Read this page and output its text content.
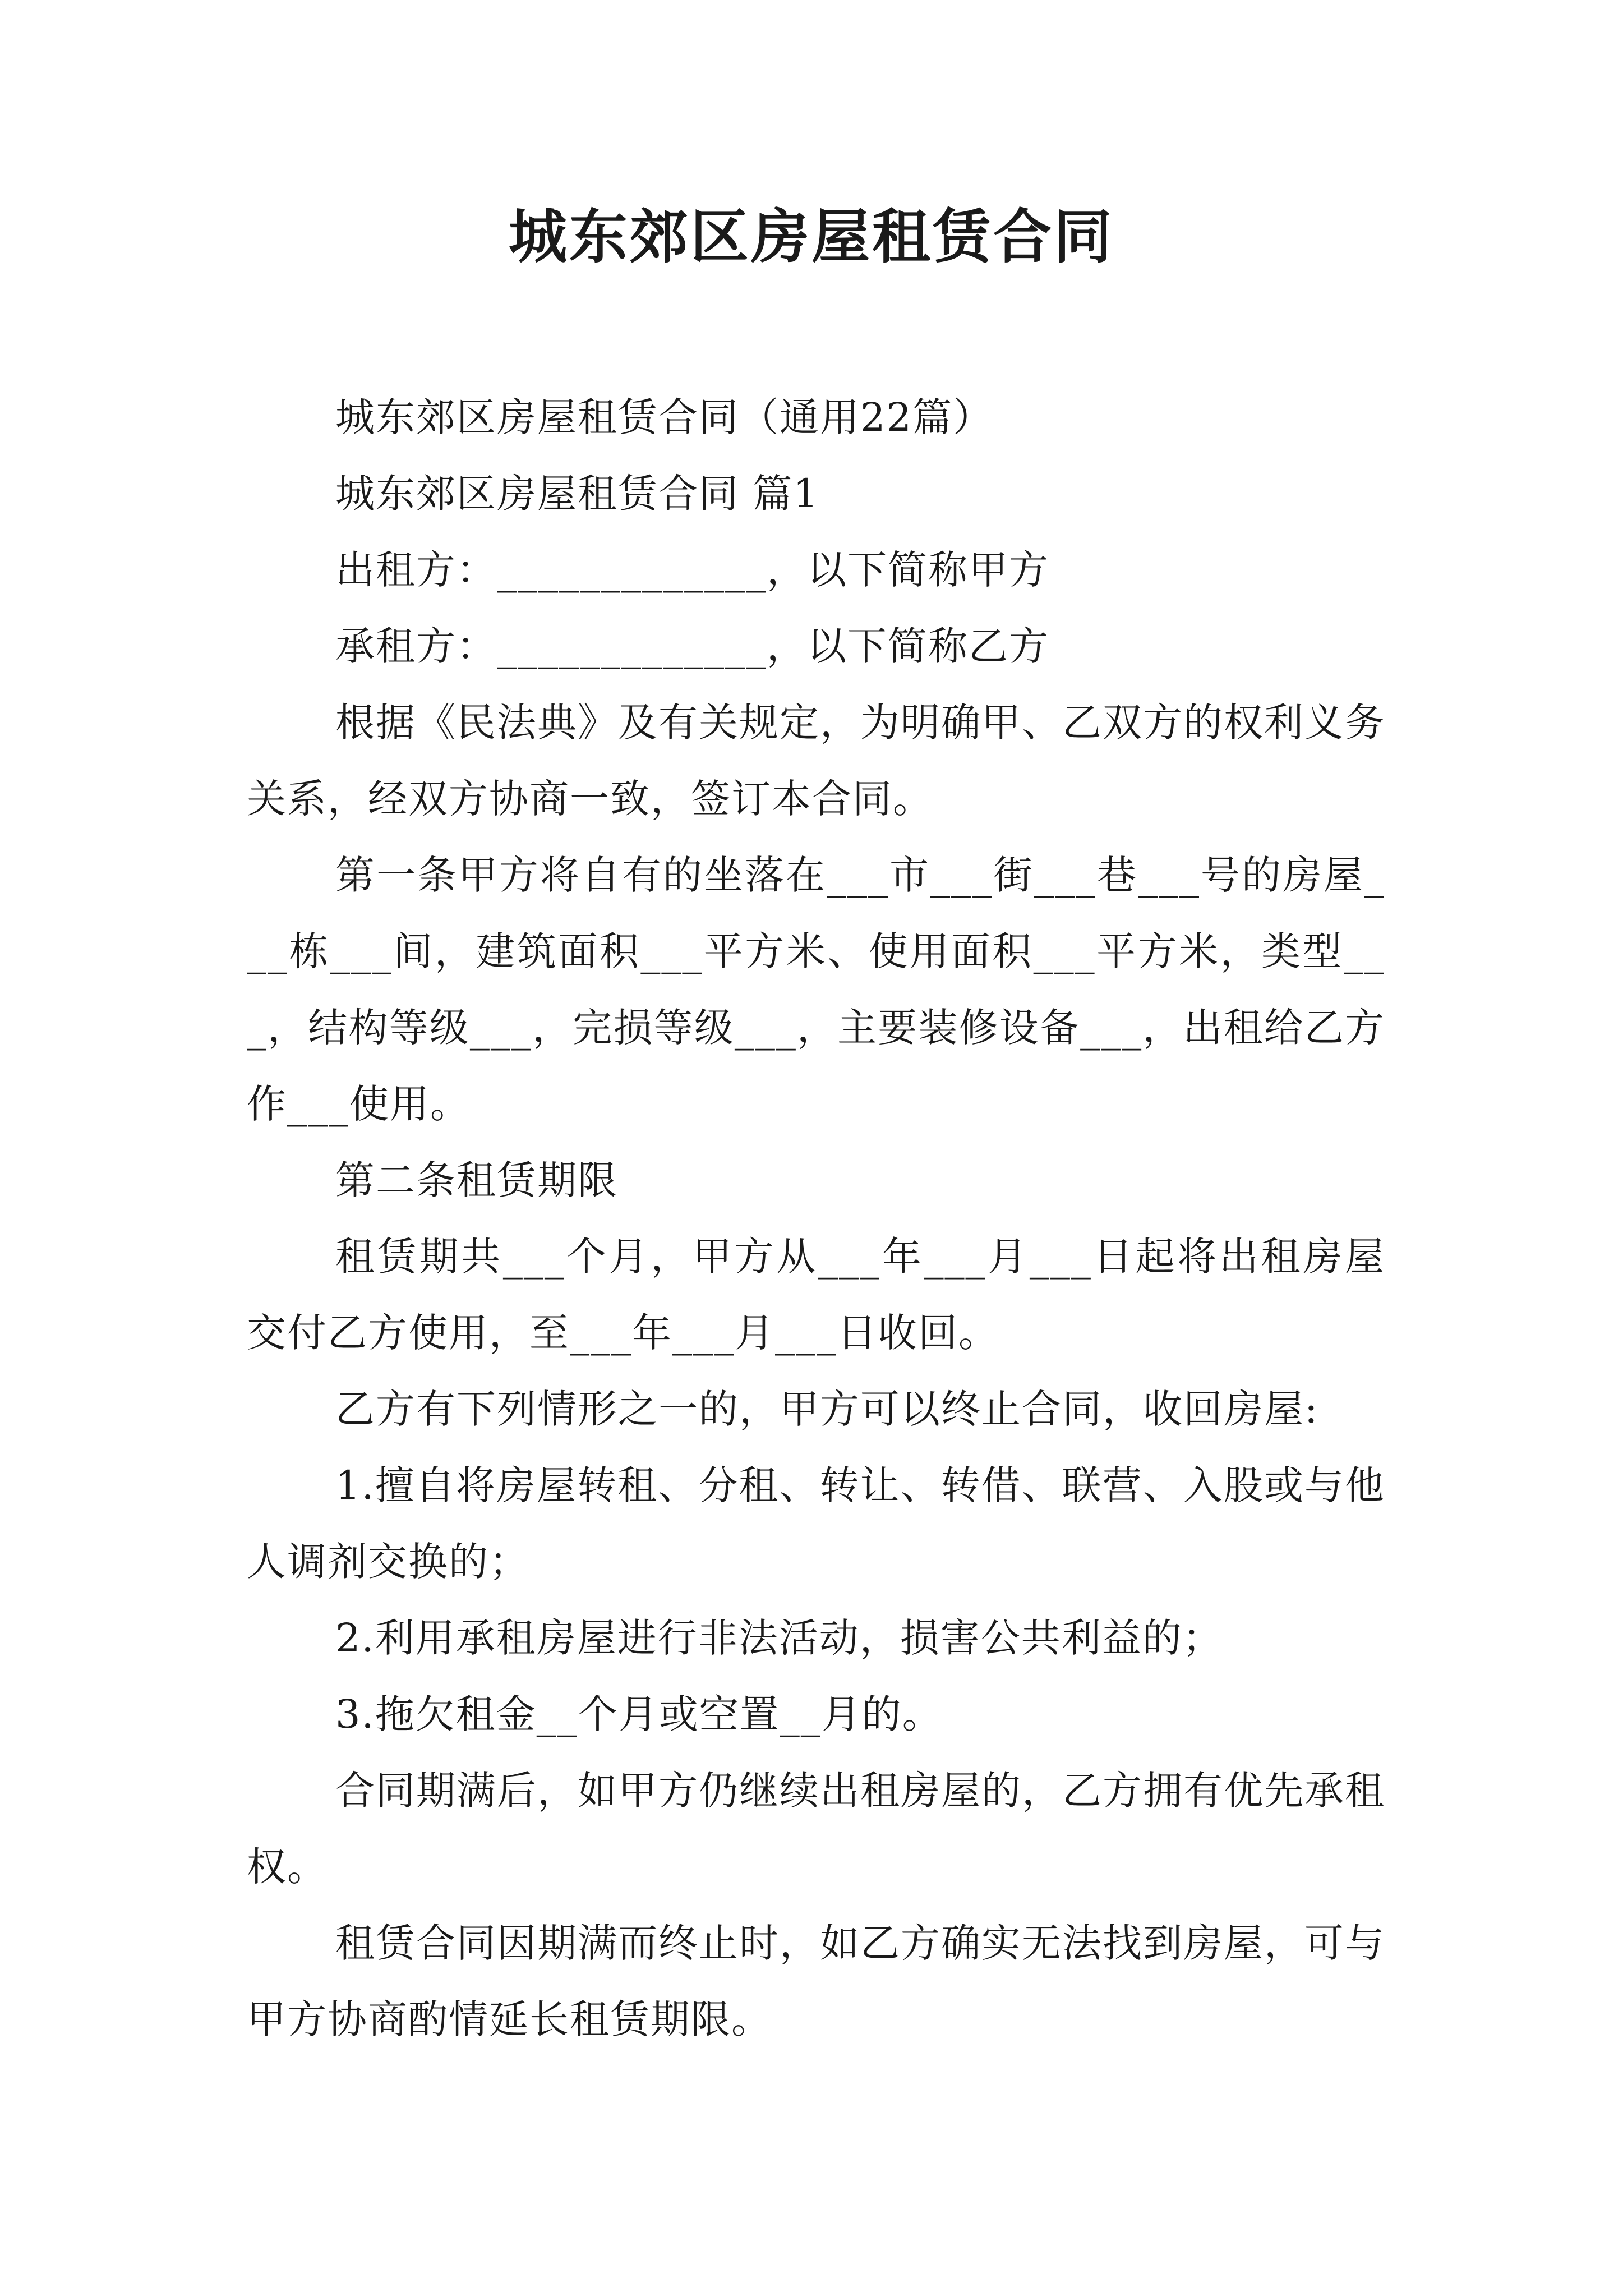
城东郊区房屋租赁合同

城东郊区房屋租赁合同（通用22篇）

城东郊区房屋租赁合同 篇1

出租方：_____________，以下简称甲方

承租方：_____________，以下简称乙方

根据《民法典》及有关规定，为明确甲、乙双方的权利义务关系，经双方协商一致，签订本合同。

第一条甲方将自有的坐落在___市___街___巷___号的房屋___栋___间，建筑面积___平方米、使用面积___平方米，类型___，结构等级___，完损等级___，主要装修设备___，出租给乙方作___使用。

第二条租赁期限

租赁期共___个月，甲方从___年___月___日起将出租房屋交付乙方使用，至___年___月___日收回。

乙方有下列情形之一的，甲方可以终止合同，收回房屋:

1.擅自将房屋转租、分租、转让、转借、联营、入股或与他人调剂交换的；

2.利用承租房屋进行非法活动，损害公共利益的；

3.拖欠租金__个月或空置__月的。

合同期满后，如甲方仍继续出租房屋的，乙方拥有优先承租权。

租赁合同因期满而终止时，如乙方确实无法找到房屋，可与甲方协商酌情延长租赁期限。
